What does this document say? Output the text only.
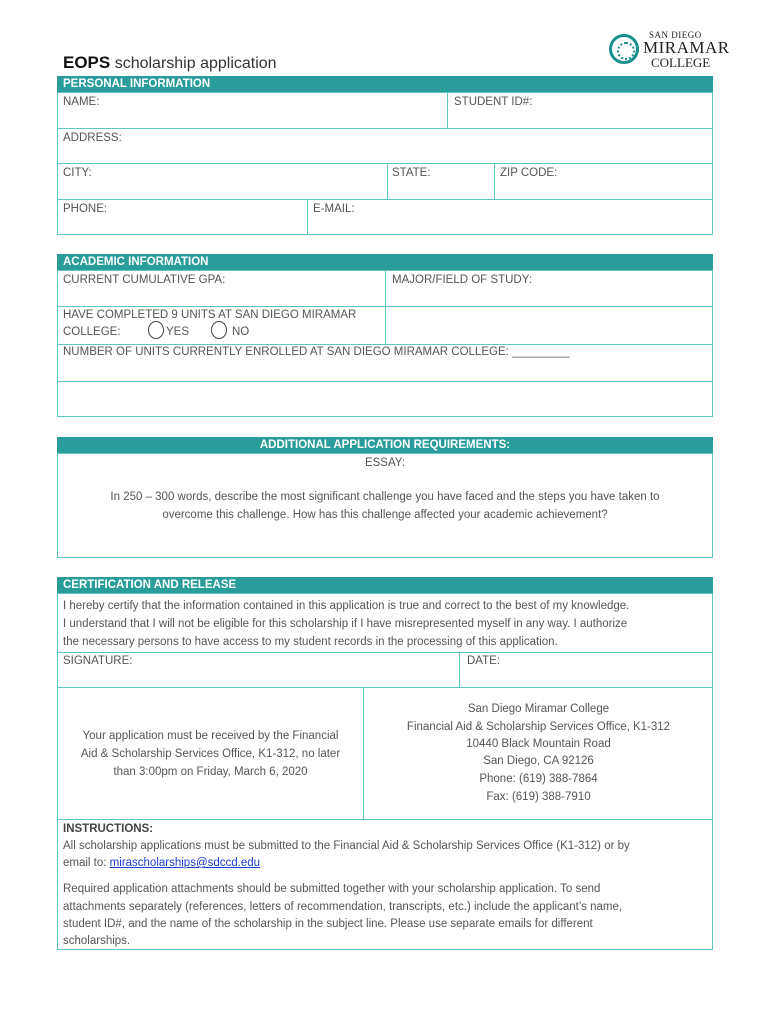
EOPS scholarship application
SAN DIEGO
MIRAMAR
COLLEGE
PERSONAL INFORMATION
NAME:	STUDENT ID#:
ADDRESS:
CITY:	STATE:	ZIP CODE:
PHONE:	E-MAIL:
ACADEMIC INFORMATION
CURRENT CUMULATIVE GPA:	MAJOR/FIELD OF STUDY:
HAVE COMPLETED 9 UNITS AT SAN DIEGO MIRAMAR
COLLEGE:	YES	NO
NUMBER OF UNITS CURRENTLY ENROLLED AT SAN DIEGO MIRAMAR COLLEGE: _________
ADDITIONAL APPLICATION REQUIREMENTS:
ESSAY:
In 250 – 300 words, describe the most significant challenge you have faced and the steps you have taken to
overcome this challenge. How has this challenge affected your academic achievement?
CERTIFICATION AND RELEASE
I hereby certify that the information contained in this application is true and correct to the best of my knowledge.
I understand that I will not be eligible for this scholarship if I have misrepresented myself in any way. I authorize
the necessary persons to have access to my student records in the processing of this application.
SIGNATURE:	DATE:
Your application must be received by the Financial
Aid & Scholarship Services Office, K1-312, no later
than 3:00pm on Friday, March 6, 2020
San Diego Miramar College
Financial Aid & Scholarship Services Office, K1-312
10440 Black Mountain Road
San Diego, CA 92126
Phone: (619) 388-7864
Fax: (619) 388-7910
INSTRUCTIONS:
All scholarship applications must be submitted to the Financial Aid & Scholarship Services Office (K1-312) or by
email to: mirascholarships@sdccd.edu
Required application attachments should be submitted together with your scholarship application. To send
attachments separately (references, letters of recommendation, transcripts, etc.) include the applicant’s name,
student ID#, and the name of the scholarship in the subject line. Please use separate emails for different
scholarships.
